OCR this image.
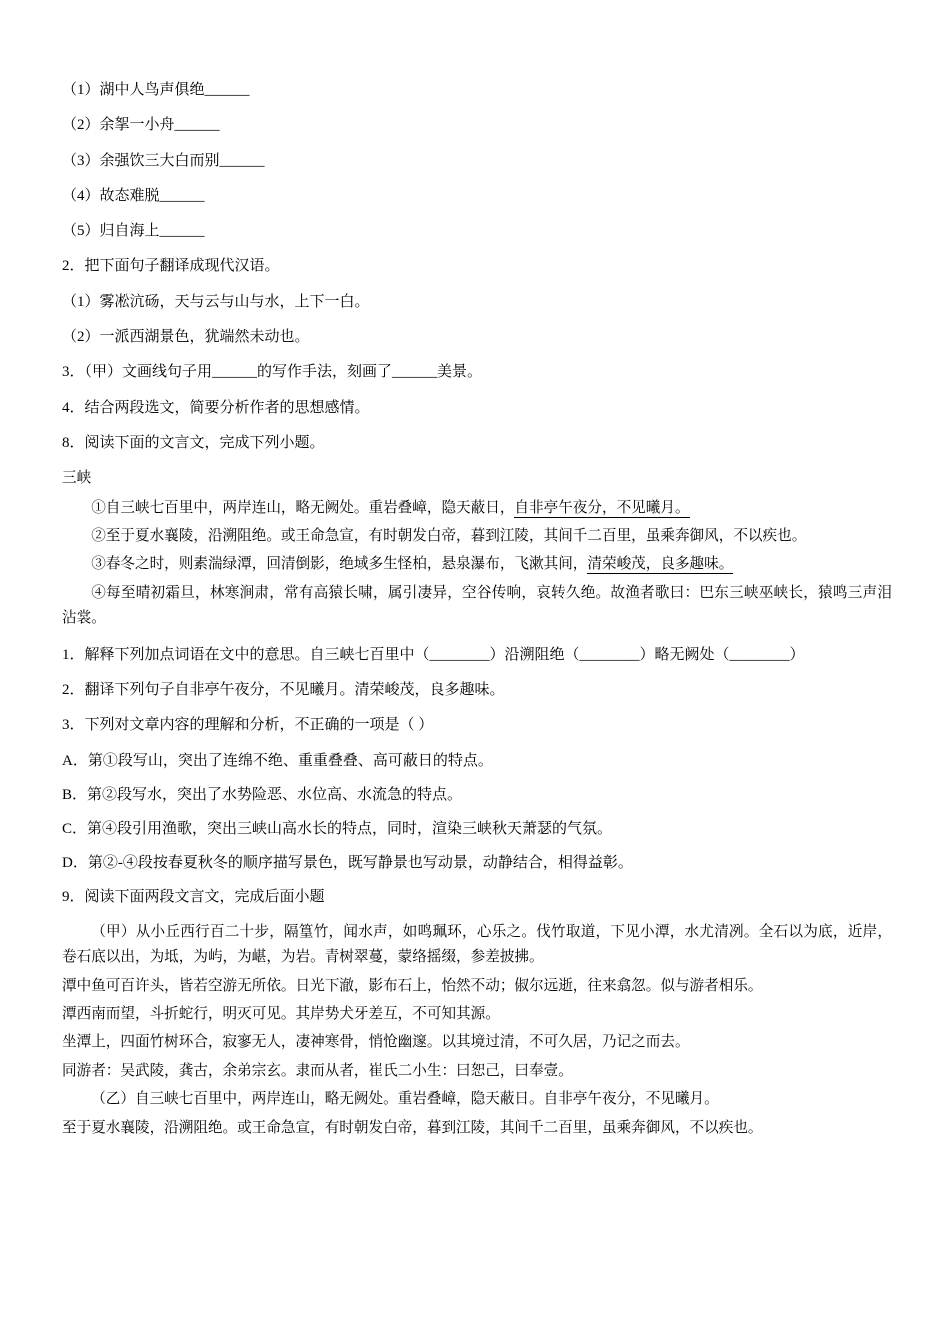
（1）湖中人鸟声俱绝______
（2）余挐一小舟______
（3）余强饮三大白而别______
（4）故态难脱______
（5）归自海上______
2．把下面句子翻译成现代汉语。
（1）雾凇沆砀，天与云与山与水，上下一白。
（2）一派西湖景色，犹端然未动也。
3．（甲）文画线句子用______的写作手法，刻画了______美景。
4．结合两段选文，简要分析作者的思想感情。
8．阅读下面的文言文，完成下列小题。
三峡
①自三峡七百里中，两岸连山，略无阙处。重岩叠嶂，隐天蔽日，自非亭午夜分，不见曦月。
②至于夏水襄陵，沿溯阻绝。或王命急宣，有时朝发白帝，暮到江陵，其间千二百里，虽乘奔御风，不以疾也。
③春冬之时，则素湍绿潭，回清倒影，绝域多生怪柏，悬泉瀑布，飞漱其间，清荣峻茂，良多趣味。
④每至晴初霜旦，林寒涧肃，常有高猿长啸，属引凄异，空谷传响，哀转久绝。故渔者歌曰：巴东三峡巫峡长，猿鸣三声泪沾裳。
1．解释下列加点词语在文中的意思。自三峡七百里中（________）沿溯阻绝（________）略无阙处（________）
2．翻译下列句子自非亭午夜分，不见曦月。清荣峻茂，良多趣味。
3．下列对文章内容的理解和分析，不正确的一项是（ ）
A．第①段写山，突出了连绵不绝、重重叠叠、高可蔽日的特点。
B．第②段写水，突出了水势险恶、水位高、水流急的特点。
C．第④段引用渔歌，突出三峡山高水长的特点，同时，渲染三峡秋天萧瑟的气氛。
D．第②-④段按春夏秋冬的顺序描写景色，既写静景也写动景，动静结合，相得益彰。
9．阅读下面两段文言文，完成后面小题
（甲）从小丘西行百二十步，隔篁竹，闻水声，如鸣珮环，心乐之。伐竹取道，下见小潭，水尤清冽。全石以为底，近岸，卷石底以出，为坻，为屿，为嵁，为岩。青树翠蔓，蒙络摇缀，参差披拂。
潭中鱼可百许头，皆若空游无所依。日光下澈，影布石上，怡然不动；俶尔远逝，往来翕忽。似与游者相乐。
潭西南而望，斗折蛇行，明灭可见。其岸势犬牙差互，不可知其源。
坐潭上，四面竹树环合，寂寥无人，凄神寒骨，悄怆幽邃。以其境过清，不可久居，乃记之而去。
同游者：吴武陵，龚古，余弟宗玄。隶而从者，崔氏二小生：曰恕己，曰奉壹。
（乙）自三峡七百里中，两岸连山，略无阙处。重岩叠嶂，隐天蔽日。自非亭午夜分，不见曦月。
至于夏水襄陵，沿溯阻绝。或王命急宣，有时朝发白帝，暮到江陵，其间千二百里，虽乘奔御风，不以疾也。
